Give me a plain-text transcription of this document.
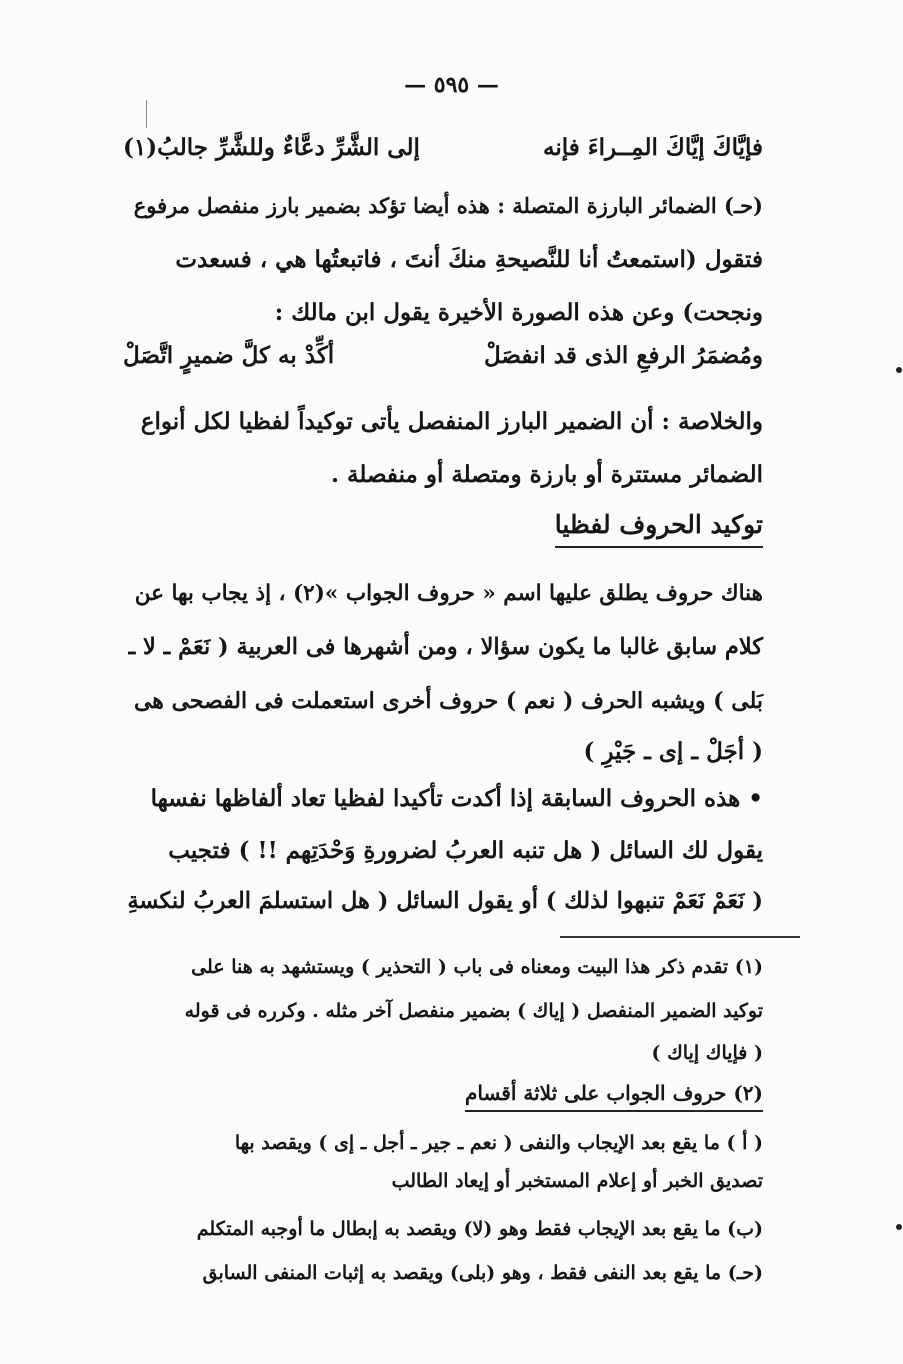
— ٥٩٥ —
فإيَّاكَ إيَّاكَ المِــراءَ فإنه
إلى الشَّرِّ دعَّاءٌ وللشَّرِّ جالبُ(١)
(حـ) الضمائر البارزة المتصلة : هذه أيضا تؤكد بضمير بارز منفصل مرفوع
فتقول (استمعتُ أنا للنَّصيحةِ منكَ أنتَ ، فاتبعتُها هي ، فسعدت
ونجحت) وعن هذه الصورة الأخيرة يقول ابن مالك :
ومُضمَرُ الرفعِ الذى قد انفصَلْ
أكِّدْ به كلَّ ضميرٍ اتَّصَلْ
والخلاصة : أن الضمير البارز المنفصل يأتى توكيداً لفظيا لكل أنواع
الضمائر مستترة أو بارزة ومتصلة أو منفصلة .
توكيد الحروف لفظيا
هناك حروف يطلق عليها اسم « حروف الجواب »(٢) ، إذ يجاب بها عن
كلام سابق غالبا ما يكون سؤالا ، ومن أشهرها فى العربية ( نَعَمْ ـ لا ـ
بَلى ) ويشبه الحرف ( نعم ) حروف أخرى استعملت فى الفصحى هى
( أجَلْ ـ إى ـ جَيْرِ )
• هذه الحروف السابقة إذا أكدت تأكيدا لفظيا تعاد ألفاظها نفسها
يقول لك السائل ( هل تنبه العربُ لضرورةِ وَحْدَتِهم !! ) فتجيب
( نَعَمْ نَعَمْ تنبهوا لذلك ) أو يقول السائل ( هل استسلمَ العربُ لنكسةِ
(١) تقدم ذكر هذا البيت ومعناه فى باب ( التحذير ) ويستشهد به هنا على
توكيد الضمير المنفصل ( إياك ) بضمير منفصل آخر مثله . وكرره فى قوله
( فإياك إياك )
(٢) حروف الجواب على ثلاثة أقسام
( أ ) ما يقع بعد الإيجاب والنفى ( نعم ـ جير ـ أجل ـ إى ) ويقصد بها
تصديق الخبر أو إعلام المستخبر أو إيعاد الطالب
(ب) ما يقع بعد الإيجاب فقط وهو (لا) ويقصد به إبطال ما أوجبه المتكلم
(حـ) ما يقع بعد النفى فقط ، وهو (بلى) ويقصد به إثبات المنفى السابق
